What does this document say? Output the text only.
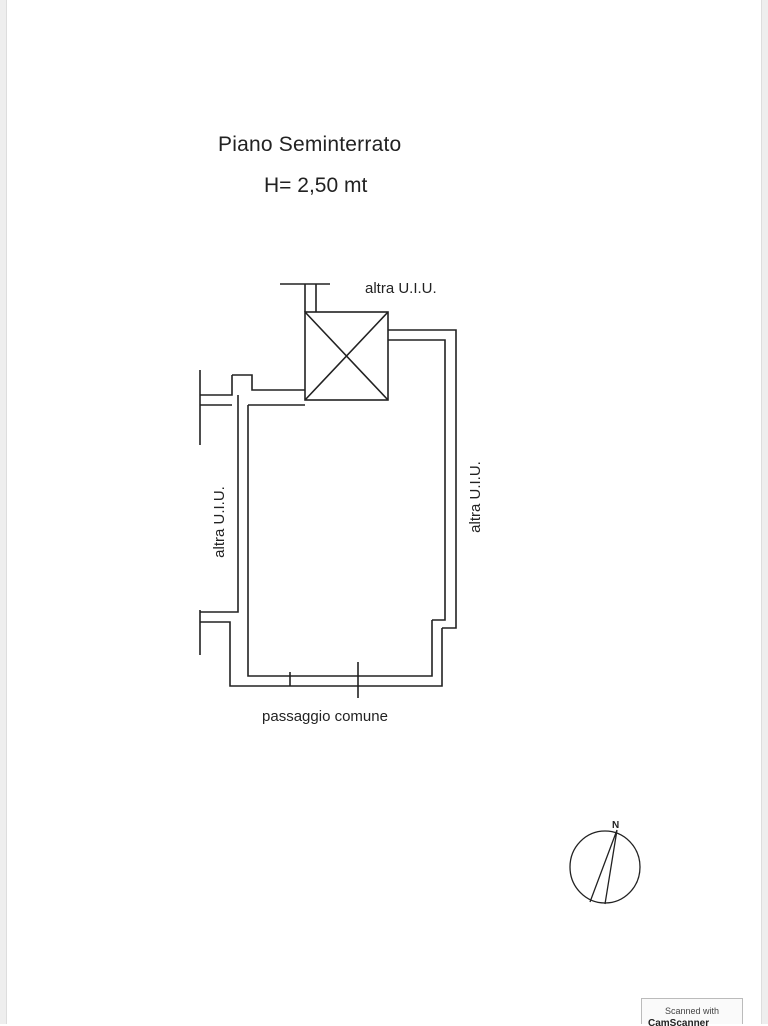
Piano Seminterrato
H= 2,50 mt
altra U.I.U.
altra U.I.U.	altra U.I.U.
passaggio comune
N
Scanned with
CamScanner
